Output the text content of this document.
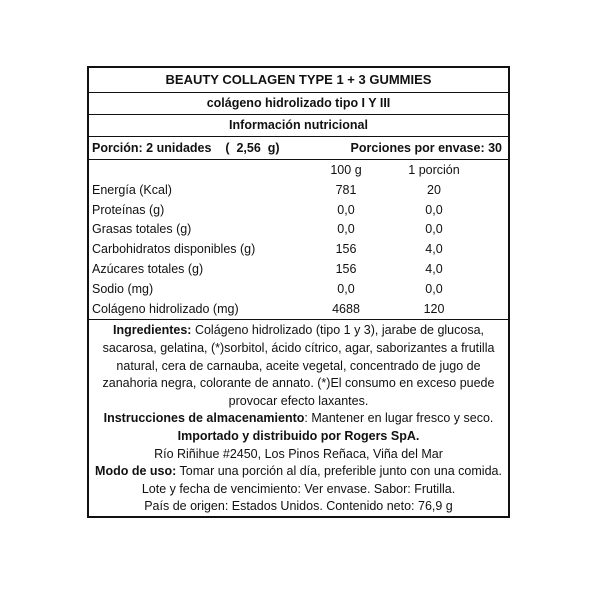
BEAUTY COLLAGEN TYPE 1 + 3 GUMMIES
colágeno hidrolizado tipo I Y III
Información nutricional
Porción: 2 unidades    (  2,56  g)	Porciones por envase: 30
100 g	1 porción
Energía (Kcal)	781	20
Proteínas (g)	0,0	0,0
Grasas totales (g)	0,0	0,0
Carbohidratos disponibles (g)	156	4,0
Azúcares totales (g)	156	4,0
Sodio (mg)	0,0	0,0
Colágeno hidrolizado (mg)	4688	120

Ingredientes: Colágeno hidrolizado (tipo 1 y 3), jarabe de glucosa, sacarosa, gelatina, (*)sorbitol, ácido cítrico, agar, saborizantes a frutilla natural, cera de carnauba, aceite vegetal, concentrado de jugo de zanahoria negra, colorante de annato. (*)El consumo en exceso puede provocar efecto laxantes.

Instrucciones de almacenamiento: Mantener en lugar fresco y seco.

Importado y distribuido por Rogers SpA.

Río Riñihue #2450, Los Pinos Reñaca, Viña del Mar

Modo de uso: Tomar una porción al día, preferible junto con una comida.

Lote y fecha de vencimiento: Ver envase. Sabor: Frutilla.

País de origen: Estados Unidos. Contenido neto: 76,9 g
